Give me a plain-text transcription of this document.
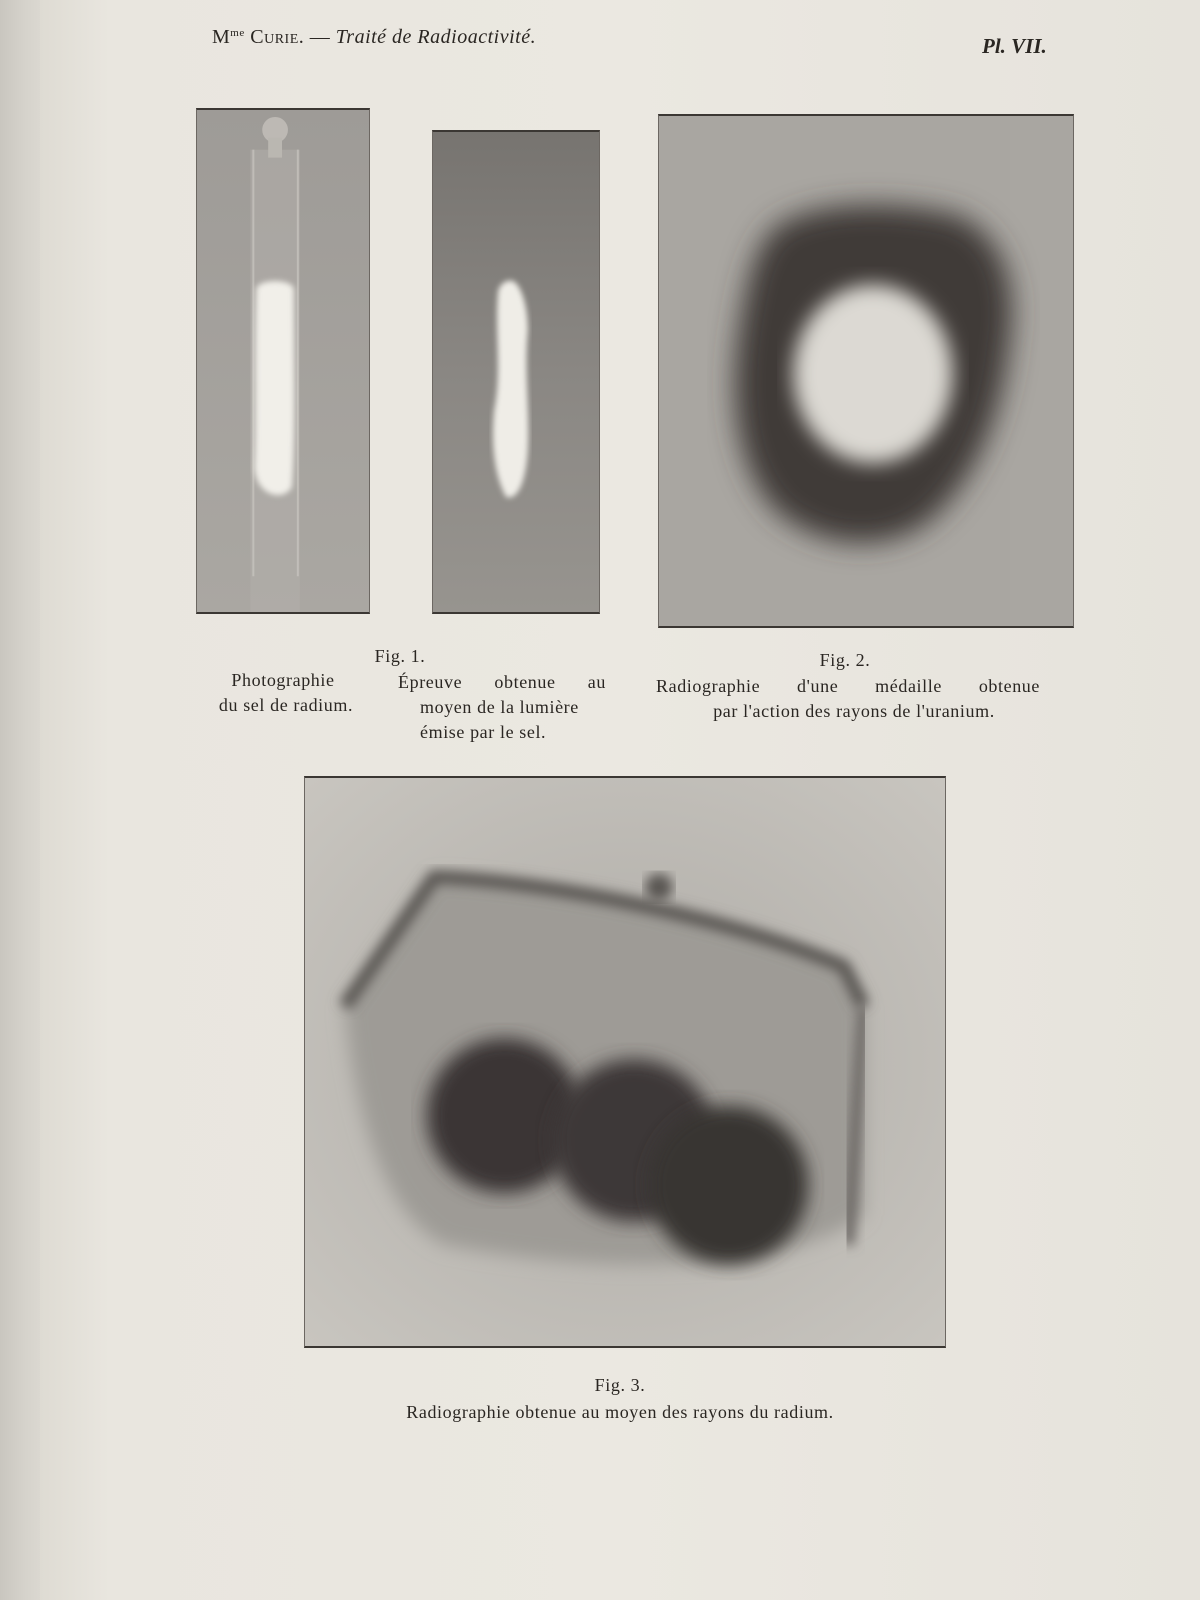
$M^{me}$ Curie. — Traité de Radioactivité.	Pl. VII.
Fig. 1.
Photographie
du sel de radium.
Épreuve obtenue au
moyen de la lumière
émise par le sel.
Fig. 2.
Radiographie d'une médaille obtenue
par l'action des rayons de l'uranium.
Fig. 3.
Radiographie obtenue au moyen des rayons du radium.
